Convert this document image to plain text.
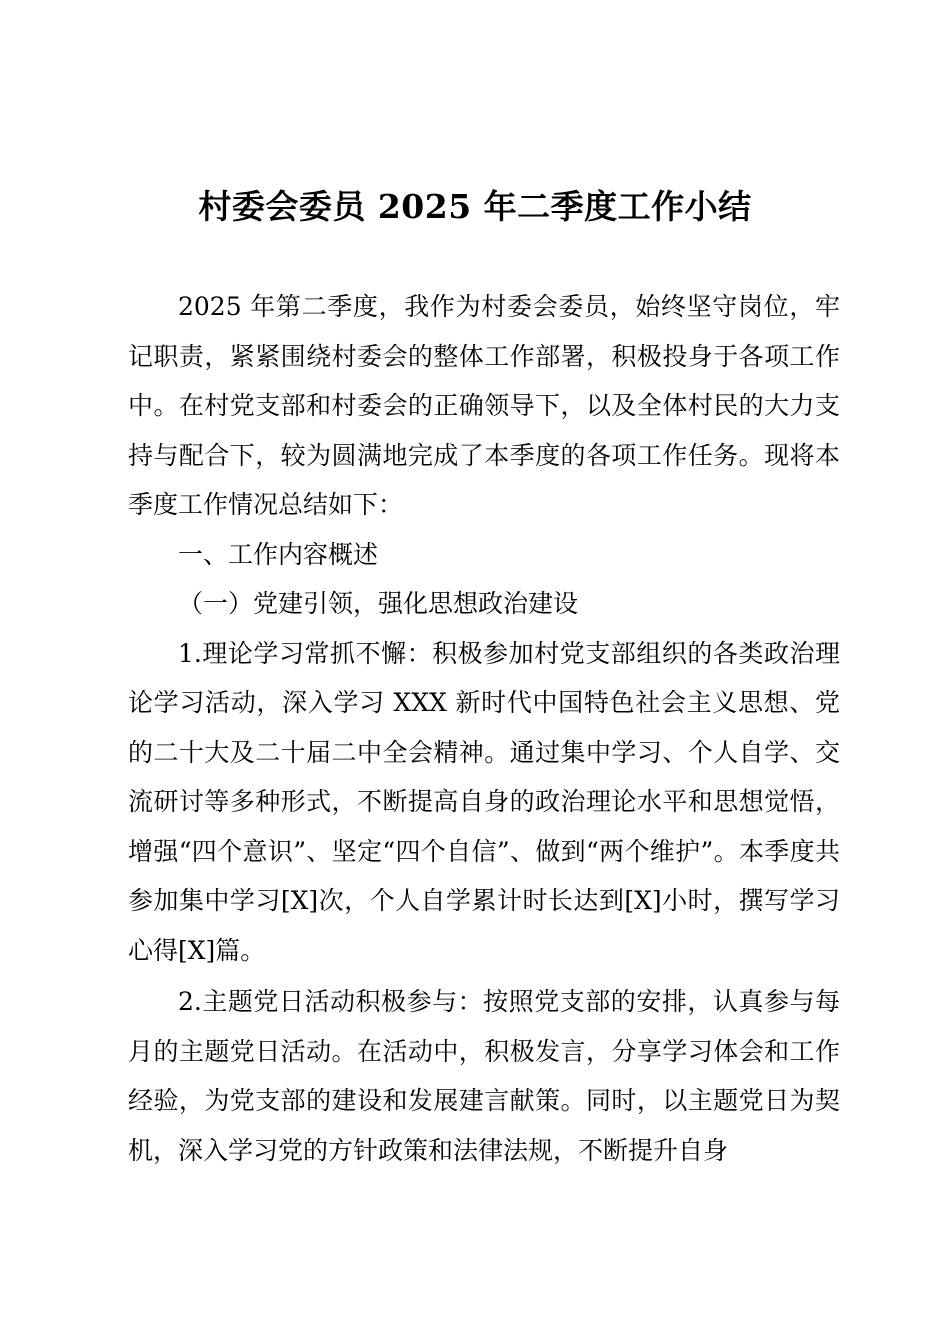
村委会委员 2025 年二季度工作小结

2025 年第二季度，我作为村委会委员，始终坚守岗位，牢记职责，紧紧围绕村委会的整体工作部署，积极投身于各项工作中。在村党支部和村委会的正确领导下，以及全体村民的大力支持与配合下，较为圆满地完成了本季度的各项工作任务。现将本季度工作情况总结如下：

一、工作内容概述

（一）党建引领，强化思想政治建设

1.理论学习常抓不懈：积极参加村党支部组织的各类政治理论学习活动，深入学习 XXX 新时代中国特色社会主义思想、党的二十大及二十届二中全会精神。通过集中学习、个人自学、交流研讨等多种形式，不断提高自身的政治理论水平和思想觉悟，增强“四个意识”、坚定“四个自信”、做到“两个维护”。本季度共参加集中学习[X]次，个人自学累计时长达到[X]小时，撰写学习心得[X]篇。

2.主题党日活动积极参与：按照党支部的安排，认真参与每月的主题党日活动。在活动中，积极发言，分享学习体会和工作经验，为党支部的建设和发展建言献策。同时，以主题党日为契机，深入学习党的方针政策和法律法规，不断提升自身
